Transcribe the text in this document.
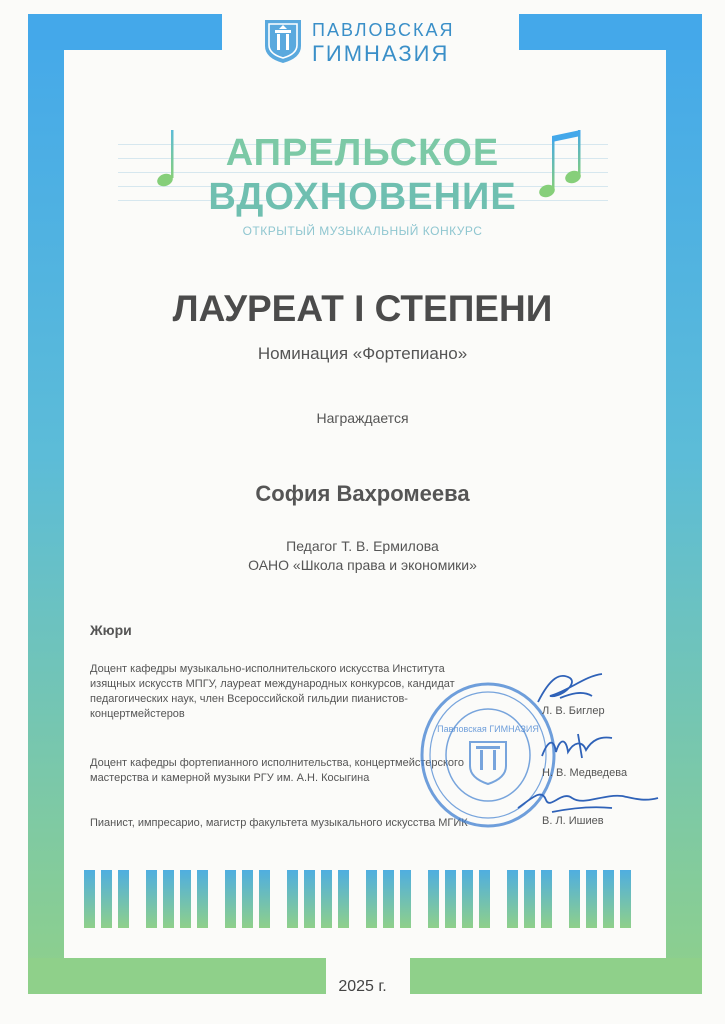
ПАВЛОВСКАЯ
ГИМНАЗИЯ
АПРЕЛЬСКОЕ
ВДОХНОВЕНИЕ
ОТКРЫТЫЙ МУЗЫКАЛЬНЫЙ КОНКУРС
ЛАУРЕАТ I СТЕПЕНИ
Номинация «Фортепиано»
Награждается
София Вахромеева
Педагог Т. В. Ермилова
ОАНО «Школа права и экономики»
Жюри
Доцент кафедры музыкально-исполнительского искусства Института изящных искусств МПГУ, лауреат международных конкурсов, кандидат педагогических наук, член Всероссийской гильдии пианистов-концертмейстеров
Доцент кафедры фортепианного исполнительства, концертмейстерского мастерства и камерной музыки РГУ им. А.Н. Косыгина
Пианист, импресарио, магистр факультета музыкального искусства МГИК
Павловская ГИМНАЗИЯ
Л. В. Биглер
Н. В. Медведева
В. Л. Ишиев
2025 г.
